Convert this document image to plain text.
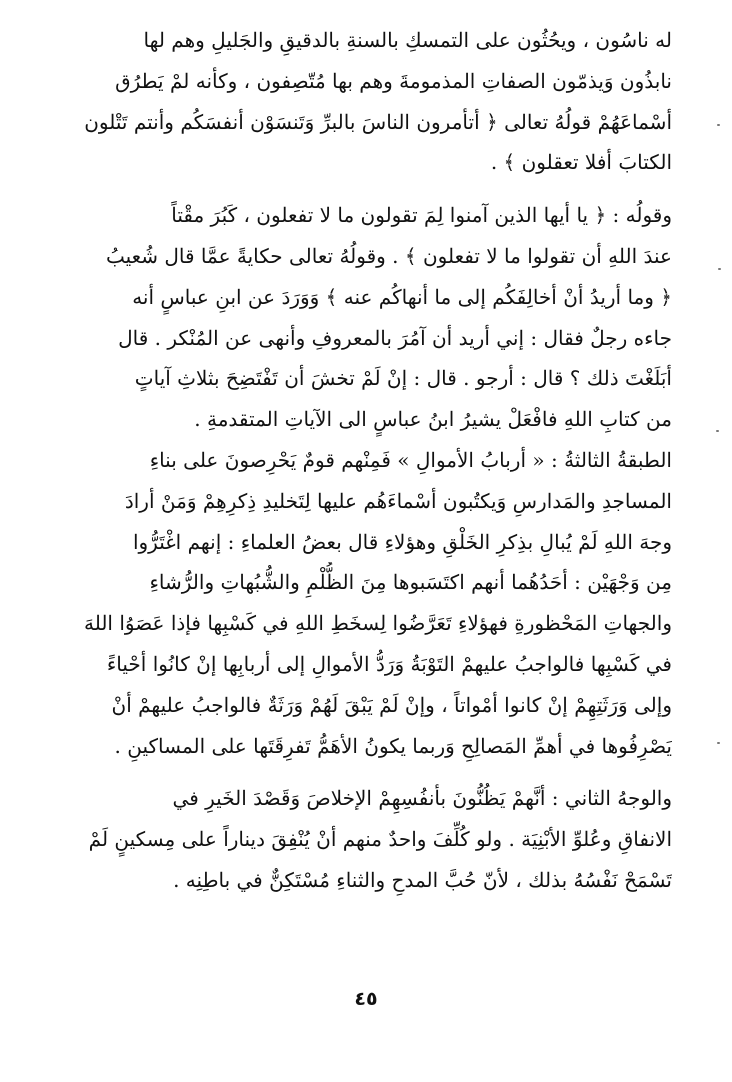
له ناسُون ، ويحُثُون على التمسكِ بالسنةِ بالدقيقِ والجَليلِ وهم لها
نابذُون وَيذمّون الصفاتِ المذمومةَ وهم بها مُتّصِفون ، وكأنه لمْ يَطرُق
أسْماعَهُمْ قولُهُ تعالى ﴿ أتأمرون الناسَ بالبرِّ وَتَنسَوْن أنفسَكُم وأنتم تَتْلون
الكتابَ أفلا تعقلون ﴾ .
وقولُه : ﴿ يا أيها الذين آمنوا لِمَ تقولون ما لا تفعلون ، كَبُرَ مقْتاً
عندَ اللهِ أن تقولوا ما لا تفعلون ﴾ . وقولُهُ تعالى حكايةً عمَّا قال شُعيبُ
﴿ وما أريدُ أنْ أخالِفَكُم إلى ما أنهاكُم عنه ﴾ وَوَرَدَ عن ابنِ عباسٍ أنه
جاءه رجلٌ فقال : إني أريد أن آمُرَ بالمعروفِ وأنهى عن المُنْكر . قال
أبَلَغْتَ ذلك ؟ قال : أرجو . قال : إنْ لَمْ تخشَ أن تَفْتَضِحَ بثلاثِ آياتٍ
من كتابِ اللهِ فافْعَلْ يشيرُ ابنُ عباسٍ الى الآياتِ المتقدمةِ .
الطبقةُ الثالثةُ : « أربابُ الأموالِ » فَمِنْهم قومٌ يَحْرِصونَ على بناءِ
المساجدِ والمَدارسِ وَيكتُبون أسْماءَهُم عليها لِتَخليدِ ذِكرِهِمْ وَمَنْ أرادَ
وجهَ اللهِ لَمْ يُبالِ بذِكرِ الخَلْقِ وهؤلاءِ قال بعضُ العلماءِ : إنهم اغْتَرُّوا
مِن وَجْهَيْن : أحَدُهُما أنهم اكتَسَبوها مِنَ الظُّلْمِ والشُّبُهاتِ والرُّشاءِ
والجهاتِ المَحْظورةِ فهؤلاءِ تَعَرَّضُوا لِسخَطِ اللهِ في كَسْبِها فإذا عَصَوُا اللهَ
في كَسْبِها فالواجبُ عليهمْ التَوْبَةُ وَرَدُّ الأموالِ إلى أربابِها إنْ كانُوا أحْياءً
وإلى وَرَثَتِهِمْ إنْ كانوا أمْواتاً ، وإنْ لَمْ يَبْقَ لَهُمْ وَرَثَةٌ فالواجبُ عليهمْ أنْ
يَصْرِفُوها في أهمِّ المَصالِحِ وَربما يكونُ الأهَمُّ تَفرِقَتَها على المساكينِ .
والوجهُ الثاني : أنَّهمْ يَظُنُّونَ بأنفُسِهِمْ الإخلاصَ وَقَصْدَ الخَيرِ في
الانفاقِ وعُلوِّ الأبْنِيَة . ولو كُلِّفَ واحدٌ منهم أنْ يُنْفِقَ ديناراً على مِسكينٍ لَمْ
تَسْمَحْ نَفْسُهُ بذلك ، لأنّ حُبَّ المدحِ والثناءِ مُسْتَكِنٌّ في باطِنِه .
٤٥
